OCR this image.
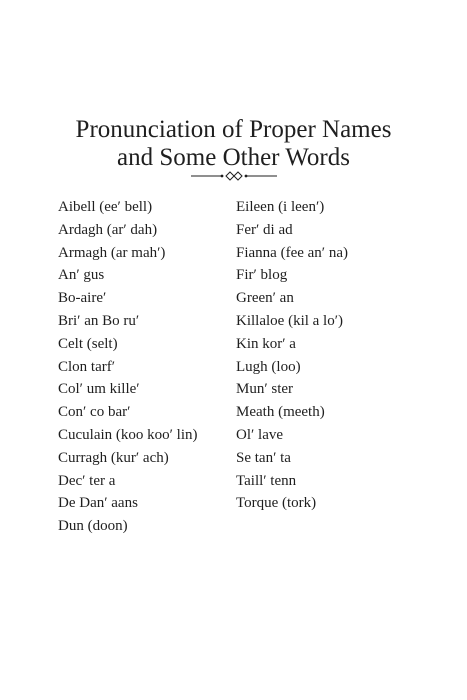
Pronunciation of Proper Names
and Some Other Words
Aibell (ee′ bell)
Ardagh (ar′ dah)
Armagh (ar mah′)
An′ gus
Bo-aire′
Bri′ an Bo ru′
Celt (selt)
Clon tarf′
Col′ um kille′
Con′ co bar′
Cuculain (koo koo′ lin)
Curragh (kur′ ach)
Dec′ ter a
De Dan′ aans
Dun (doon)
Eileen (i leen′)
Fer′ di ad
Fianna (fee an′ na)
Fir′ blog
Green′ an
Killaloe (kil a lo′)
Kin kor′ a
Lugh (loo)
Mun′ ster
Meath (meeth)
Ol′ lave
Se tan′ ta
Taill′ tenn
Torque (tork)
